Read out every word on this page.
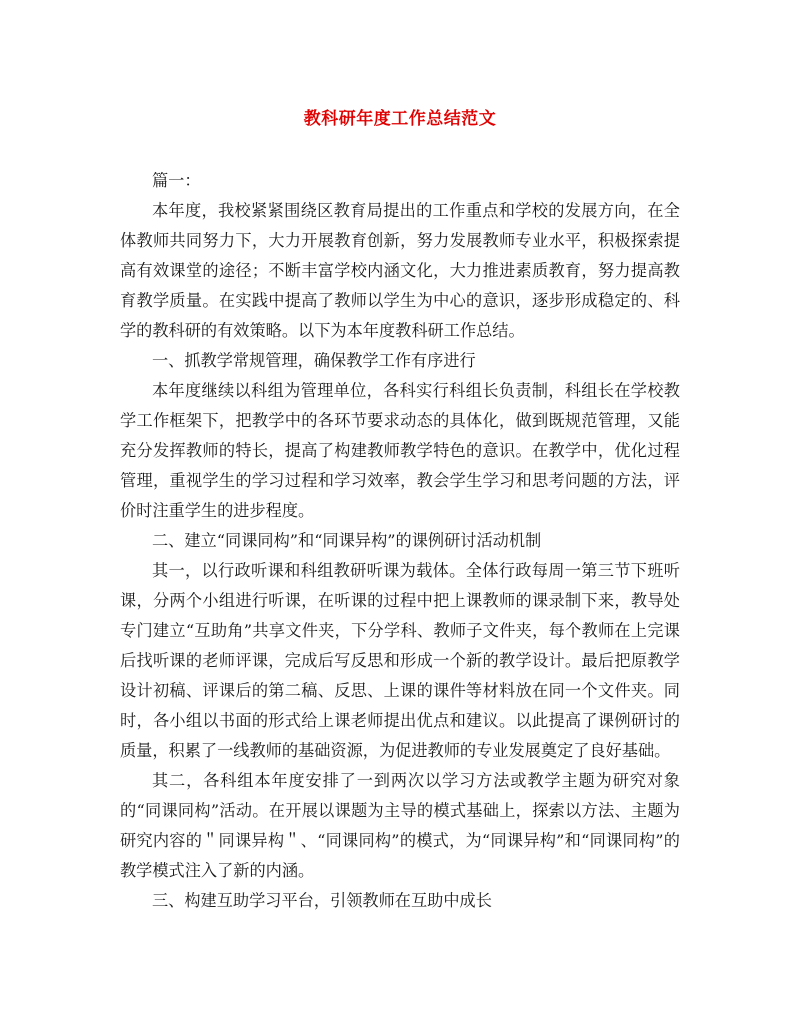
教科研年度工作总结范文

篇一：

本年度，我校紧紧围绕区教育局提出的工作重点和学校的发展方向，在全体教师共同努力下，大力开展教育创新，努力发展教师专业水平，积极探索提高有效课堂的途径；不断丰富学校内涵文化，大力推进素质教育，努力提高教育教学质量。在实践中提高了教师以学生为中心的意识，逐步形成稳定的、科学的教科研的有效策略。以下为本年度教科研工作总结。

一、抓教学常规管理，确保教学工作有序进行

本年度继续以科组为管理单位，各科实行科组长负责制，科组长在学校教学工作框架下，把教学中的各环节要求动态的具体化，做到既规范管理，又能充分发挥教师的特长，提高了构建教师教学特色的意识。在教学中，优化过程管理，重视学生的学习过程和学习效率，教会学生学习和思考问题的方法，评价时注重学生的进步程度。

二、建立“同课同构”和“同课异构”的课例研讨活动机制

其一，以行政听课和科组教研听课为载体。全体行政每周一第三节下班听课，分两个小组进行听课，在听课的过程中把上课教师的课录制下来，教导处专门建立“互助角”共享文件夹，下分学科、教师子文件夹，每个教师在上完课后找听课的老师评课，完成后写反思和形成一个新的教学设计。最后把原教学设计初稿、评课后的第二稿、反思、上课的课件等材料放在同一个文件夹。同时，各小组以书面的形式给上课老师提出优点和建议。以此提高了课例研讨的质量，积累了一线教师的基础资源，为促进教师的专业发展奠定了良好基础。

其二，各科组本年度安排了一到两次以学习方法或教学主题为研究对象的“同课同构”活动。在开展以课题为主导的模式基础上，探索以方法、主题为研究内容的＂同课异构＂、“同课同构”的模式，为“同课异构”和“同课同构”的教学模式注入了新的内涵。

三、构建互助学习平台，引领教师在互助中成长
